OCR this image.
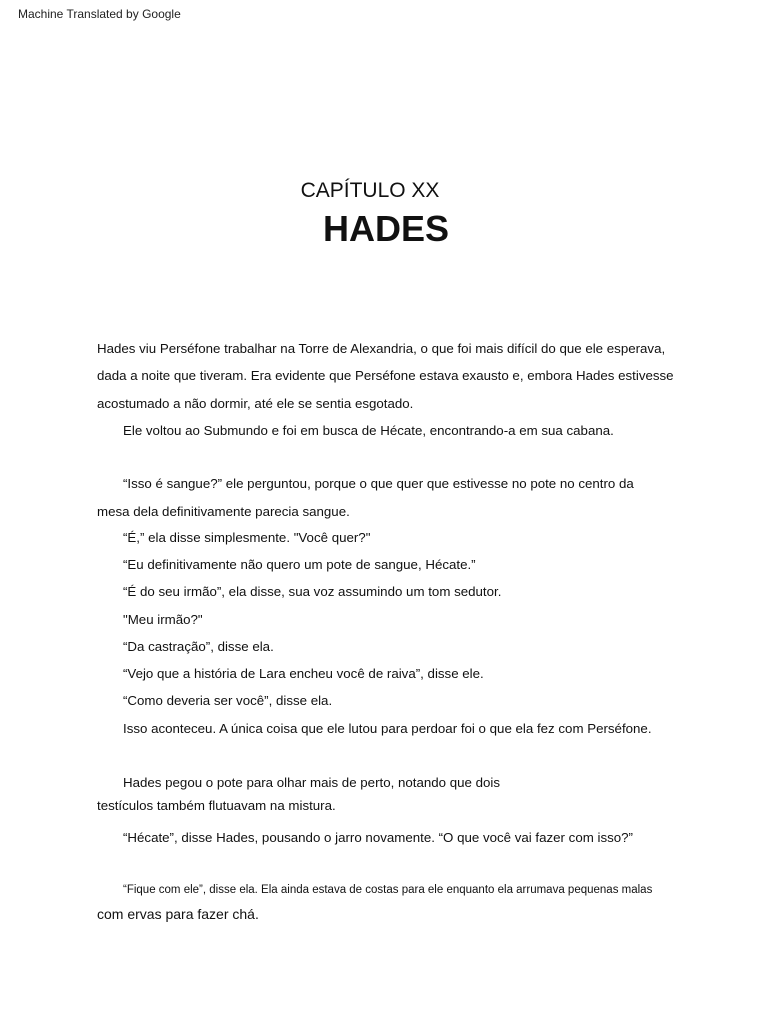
Machine Translated by Google
CAPÍTULO XX
HADES
Hades viu Perséfone trabalhar na Torre de Alexandria, o que foi mais difícil do que ele esperava,
dada a noite que tiveram. Era evidente que Perséfone estava exausto e, embora Hades estivesse
acostumado a não dormir, até ele se sentia esgotado.
Ele voltou ao Submundo e foi em busca de Hécate, encontrando-a em sua cabana.
“Isso é sangue?” ele perguntou, porque o que quer que estivesse no pote no centro da
mesa dela definitivamente parecia sangue.
“É,” ela disse simplesmente. "Você quer?"
“Eu definitivamente não quero um pote de sangue, Hécate.”
“É do seu irmão”, ela disse, sua voz assumindo um tom sedutor.
"Meu irmão?"
“Da castração”, disse ela.
“Vejo que a história de Lara encheu você de raiva”, disse ele.
“Como deveria ser você”, disse ela.
Isso aconteceu. A única coisa que ele lutou para perdoar foi o que ela fez com Perséfone.
Hades pegou o pote para olhar mais de perto, notando que dois
testículos também flutuavam na mistura.
“Hécate”, disse Hades, pousando o jarro novamente. “O que você vai fazer com isso?”
“Fique com ele”, disse ela. Ela ainda estava de costas para ele enquanto ela arrumava pequenas malas
com ervas para fazer chá.
